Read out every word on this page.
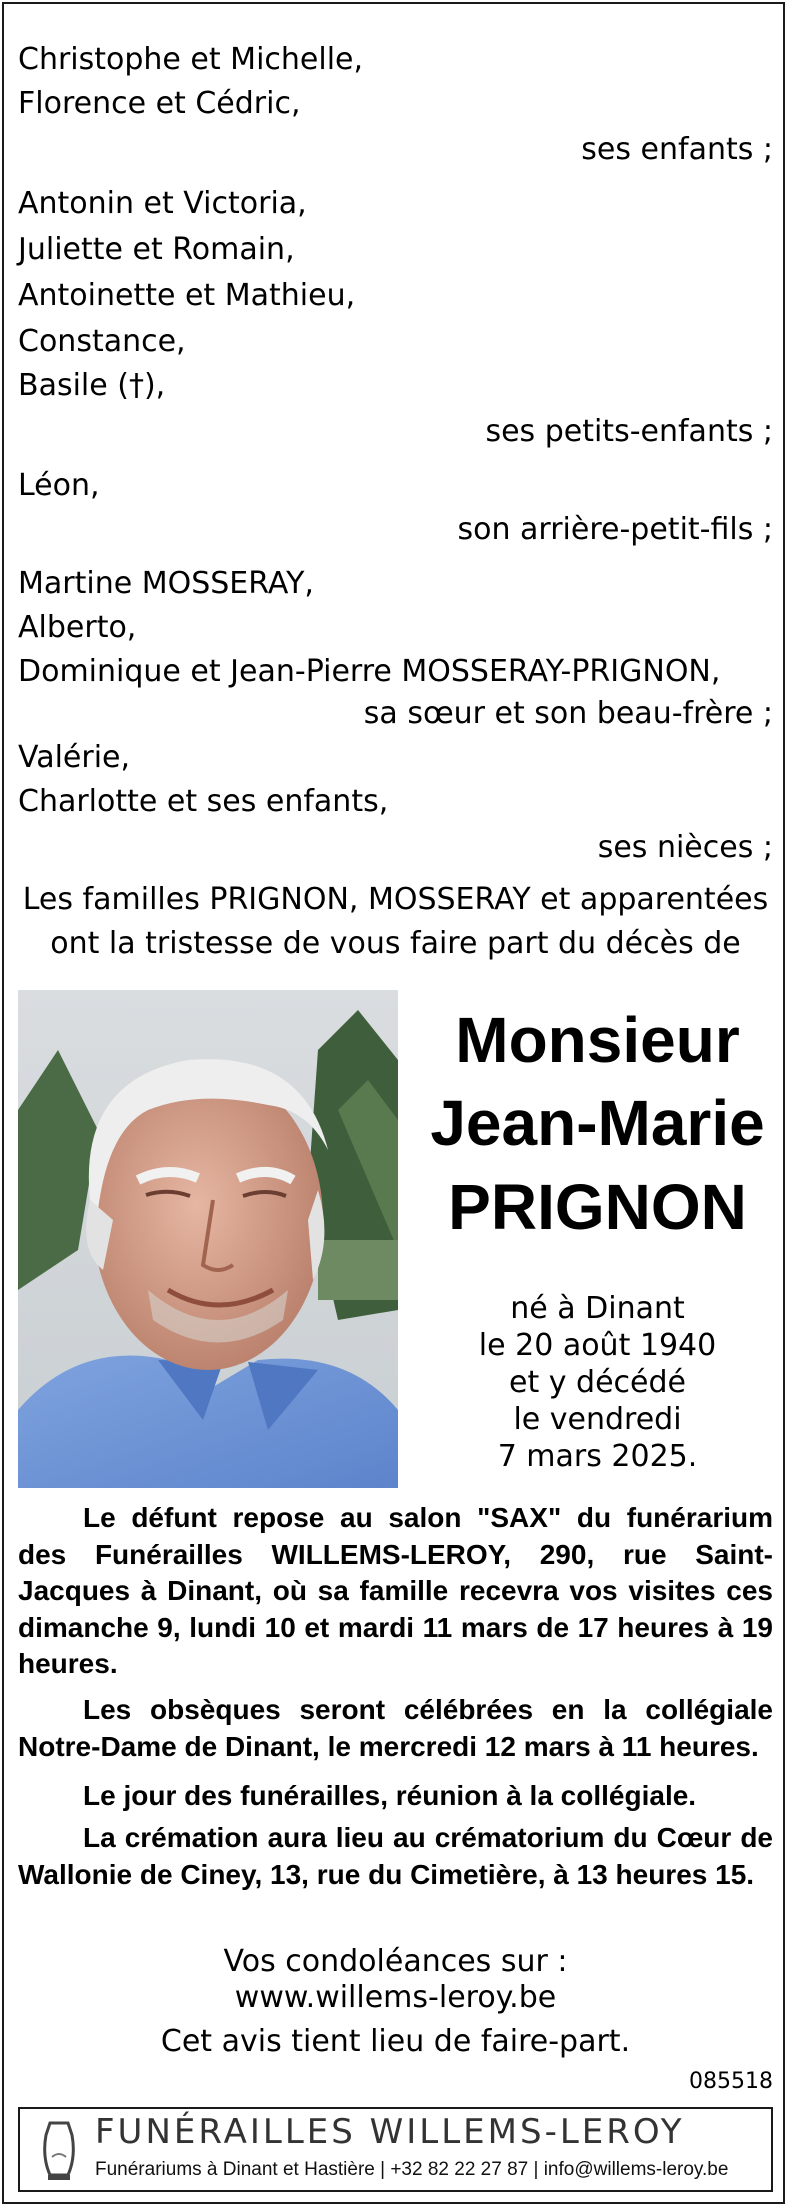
Christophe et Michelle,
Florence et Cédric,
ses enfants ;
Antonin et Victoria,
Juliette et Romain,
Antoinette et Mathieu,
Constance,
Basile (†),
ses petits-enfants ;
Léon,
son arrière-petit-fils ;
Martine MOSSERAY,
Alberto,
Dominique et Jean-Pierre MOSSERAY-PRIGNON,
sa sœur et son beau-frère ;
Valérie,
Charlotte et ses enfants,
ses nièces ;
Les familles PRIGNON, MOSSERAY et apparentées
ont la tristesse de vous faire part du décès de
Monsieur
Jean-Marie
PRIGNON
né à Dinant
le 20 août 1940
et y décédé
le vendredi
7 mars 2025.
Le défunt repose au salon "SAX" du funérarium des Funérailles WILLEMS-LEROY, 290, rue Saint-Jacques à Dinant, où sa famille recevra vos visites ces dimanche 9, lundi 10 et mardi 11 mars de 17 heures à 19 heures.
Les obsèques seront célébrées en la collégiale Notre-Dame de Dinant, le mercredi 12 mars à 11 heures.
Le jour des funérailles, réunion à la collégiale.
La crémation aura lieu au crématorium du Cœur de Wallonie de Ciney, 13, rue du Cimetière, à 13 heures 15.
Vos condoléances sur :
www.willems-leroy.be
Cet avis tient lieu de faire-part.
085518
FUNÉRAILLES WILLEMS-LEROY
Funérariums à Dinant et Hastière | +32 82 22 27 87 | info@willems-leroy.be
